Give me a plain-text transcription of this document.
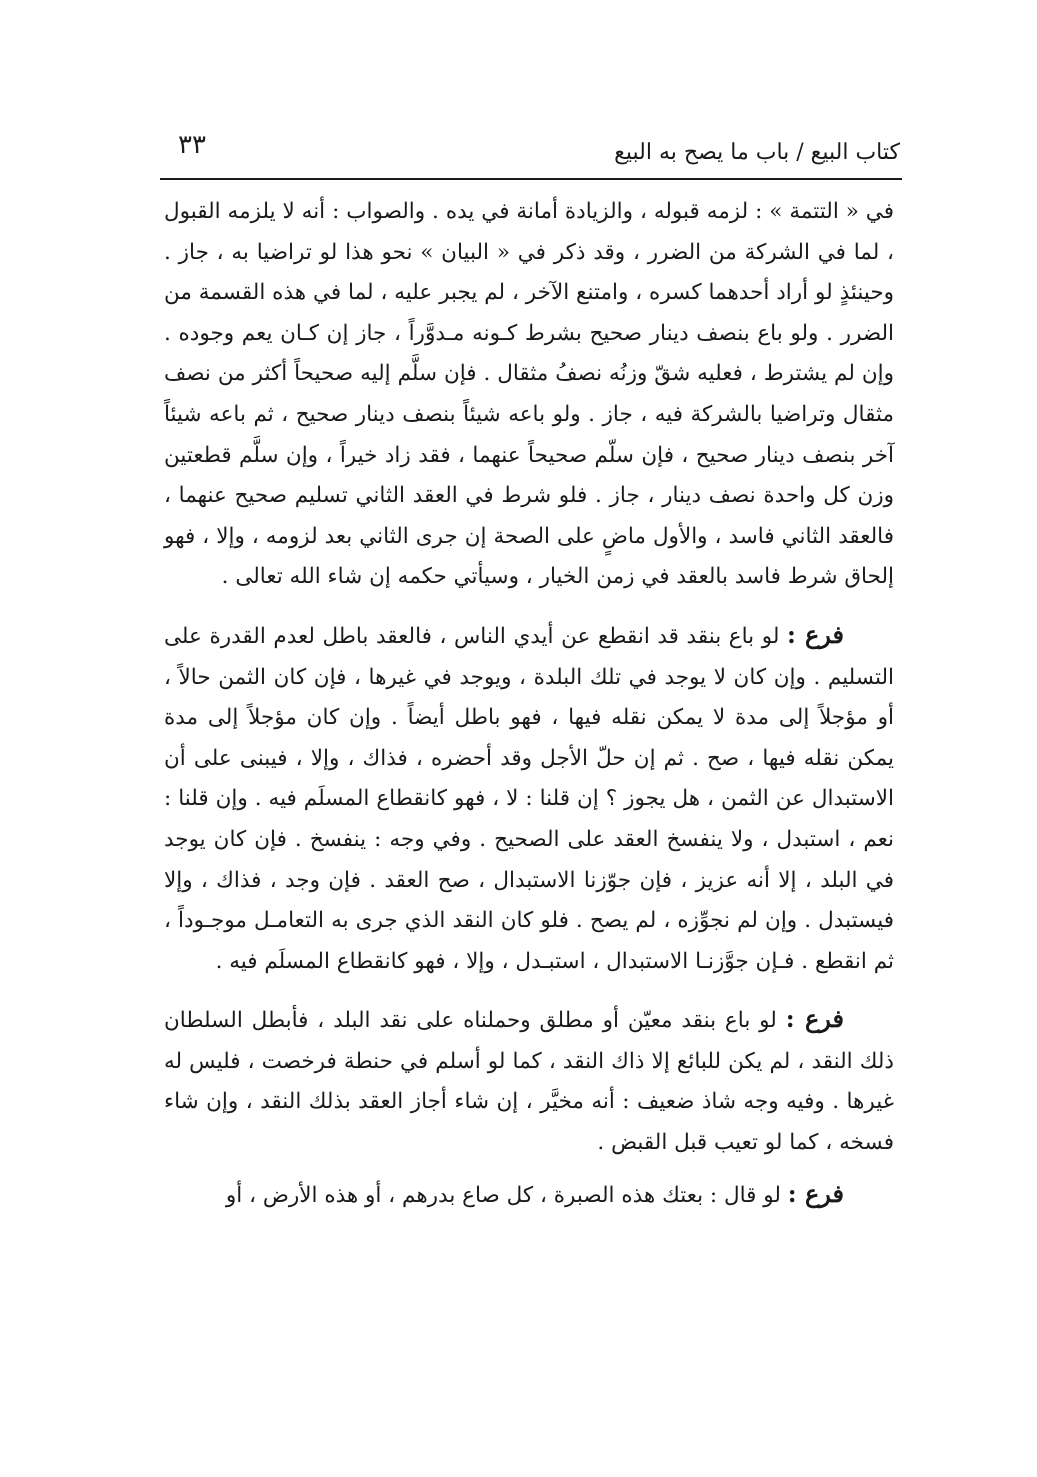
٣٣	كتاب البيع / باب ما يصح به البيع

في « التتمة » : لزمه قبوله ، والزيادة أمانة في يده . والصواب : أنه لا يلزمه القبول ، لما في الشركة من الضرر ، وقد ذكر في « البيان » نحو هذا لو تراضيا به ، جاز . وحينئذٍ لو أراد أحدهما كسره ، وامتنع الآخر ، لم يجبر عليه ، لما في هذه القسمة من الضرر . ولو باع بنصف دينار صحيح بشرط كـونه مـدوَّراً ، جاز إن كـان يعم وجوده . وإن لم يشترط ، فعليه شقّ وزنُه نصفُ مثقال . فإن سلَّم إليه صحيحاً أكثر من نصف مثقال وتراضيا بالشركة فيه ، جاز . ولو باعه شيئاً بنصف دينار صحيح ، ثم باعه شيئاً آخر بنصف دينار صحيح ، فإن سلّم صحيحاً عنهما ، فقد زاد خيراً ، وإن سلَّم قطعتين وزن كل واحدة نصف دينار ، جاز . فلو شرط في العقد الثاني تسليم صحيح عنهما ، فالعقد الثاني فاسد ، والأول ماضٍ على الصحة إن جرى الثاني بعد لزومه ، وإلا ، فهو إلحاق شرط فاسد بالعقد في زمن الخيار ، وسيأتي حكمه إن شاء الله تعالى .

فرع : لو باع بنقد قد انقطع عن أيدي الناس ، فالعقد باطل لعدم القدرة على التسليم . وإن كان لا يوجد في تلك البلدة ، ويوجد في غيرها ، فإن كان الثمن حالاً ، أو مؤجلاً إلى مدة لا يمكن نقله فيها ، فهو باطل أيضاً . وإن كان مؤجلاً إلى مدة يمكن نقله فيها ، صح . ثم إن حلّ الأجل وقد أحضره ، فذاك ، وإلا ، فيبنى على أن الاستبدال عن الثمن ، هل يجوز ؟ إن قلنا : لا ، فهو كانقطاع المسلَم فيه . وإن قلنا : نعم ، استبدل ، ولا ينفسخ العقد على الصحيح . وفي وجه : ينفسخ . فإن كان يوجد في البلد ، إلا أنه عزيز ، فإن جوّزنا الاستبدال ، صح العقد . فإن وجد ، فذاك ، وإلا فيستبدل . وإن لم نجوِّزه ، لم يصح . فلو كان النقد الذي جرى به التعامـل موجـوداً ، ثم انقطع . فـإن جوَّزنـا الاستبدال ، استبـدل ، وإلا ، فهو كانقطاع المسلَم فيه .

فرع : لو باع بنقد معيّن أو مطلق وحملناه على نقد البلد ، فأبطل السلطان ذلك النقد ، لم يكن للبائع إلا ذاك النقد ، كما لو أسلم في حنطة فرخصت ، فليس له غيرها . وفيه وجه شاذ ضعيف : أنه مخيَّر ، إن شاء أجاز العقد بذلك النقد ، وإن شاء فسخه ، كما لو تعيب قبل القبض .

فرع : لو قال : بعتك هذه الصبرة ، كل صاع بدرهم ، أو هذه الأرض ، أو
